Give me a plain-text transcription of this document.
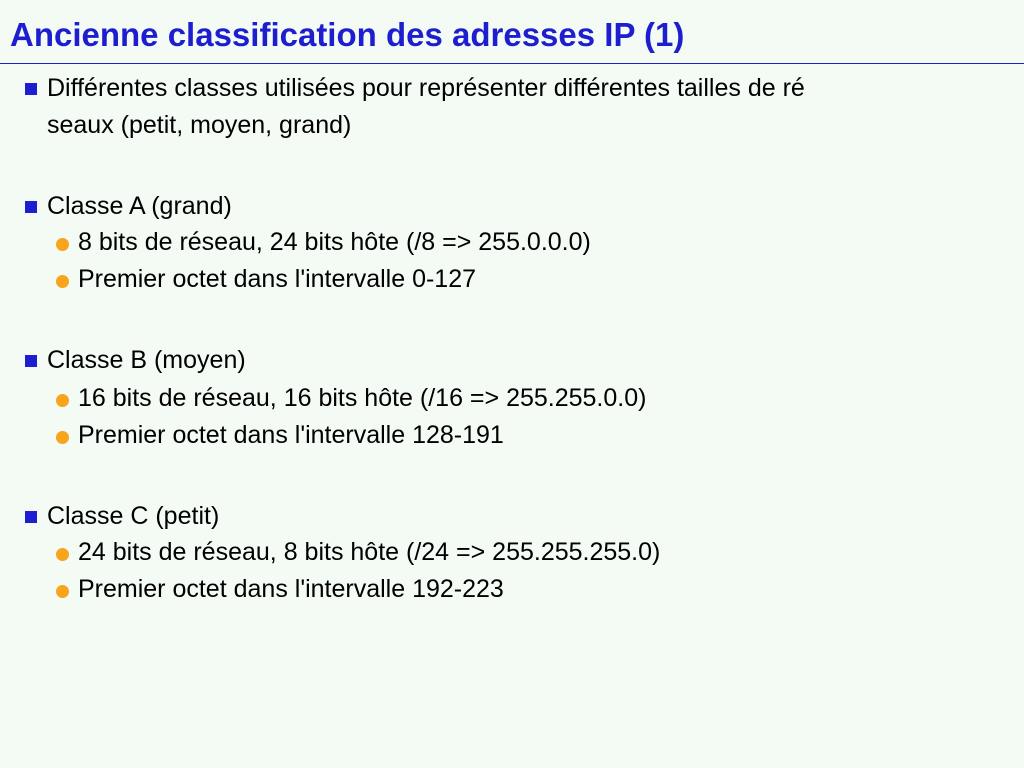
Ancienne classification des adresses IP (1)
Différentes classes utilisées pour représenter différentes tailles de ré
seaux (petit, moyen, grand)
Classe A (grand)
8 bits de réseau, 24 bits hôte (/8 => 255.0.0.0)
Premier octet dans l'intervalle 0-127
Classe B (moyen)
16 bits de réseau, 16 bits hôte (/16 => 255.255.0.0)
Premier octet dans l'intervalle 128-191
Classe C (petit)
24 bits de réseau, 8 bits hôte (/24 => 255.255.255.0)
Premier octet dans l'intervalle 192-223
